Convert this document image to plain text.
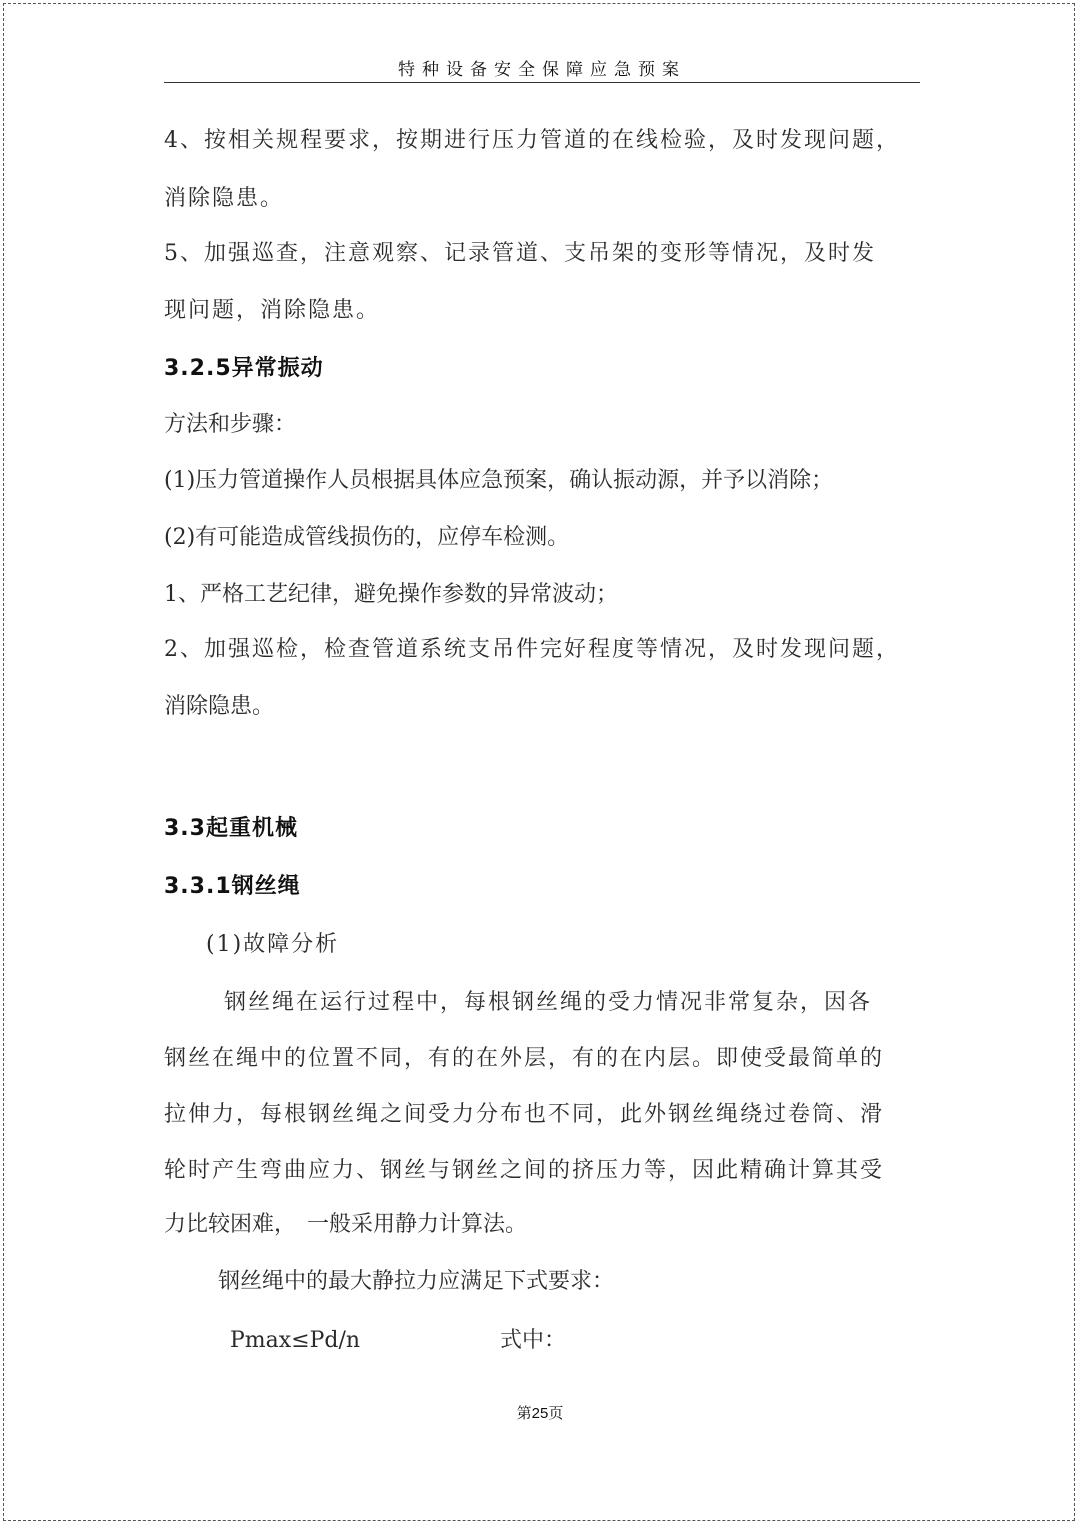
特种设备安全保障应急预案
4、按相关规程要求，按期进行压力管道的在线检验，及时发现问题，
消除隐患。
5、加强巡查，注意观察、记录管道、支吊架的变形等情况，及时发
现问题，消除隐患。
3.2.5异常振动
方法和步骤：
(1)压力管道操作人员根据具体应急预案，确认振动源，并予以消除；
(2)有可能造成管线损伤的，应停车检测。
1、严格工艺纪律，避免操作参数的异常波动；
2、加强巡检，检查管道系统支吊件完好程度等情况，及时发现问题，
消除隐患。
3.3起重机械
3.3.1钢丝绳
(1)故障分析
钢丝绳在运行过程中，每根钢丝绳的受力情况非常复杂，因各
钢丝在绳中的位置不同，有的在外层，有的在内层。即使受最简单的
拉伸力，每根钢丝绳之间受力分布也不同，此外钢丝绳绕过卷筒、滑
轮时产生弯曲应力、钢丝与钢丝之间的挤压力等，因此精确计算其受
力比较困难，　一般采用静力计算法。
钢丝绳中的最大静拉力应满足下式要求：
Pmax≤Pd/n	式中：
第25页
